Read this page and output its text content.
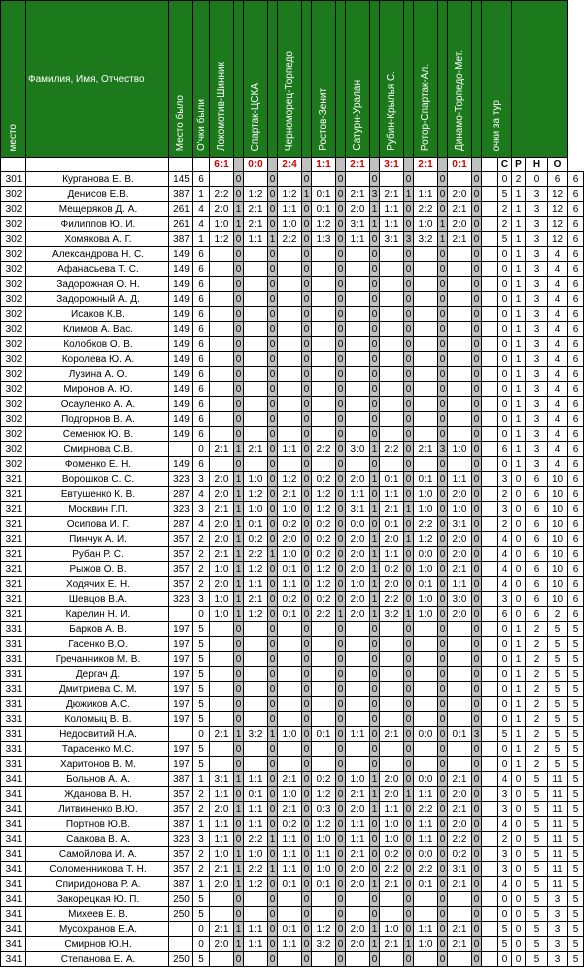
место	Фамилия, Имя, Отчество	Место было	О'чки были	Локомотив-Шинник		Спартак-ЦСКА		Черноморец-Торпедо		Ростов-Зенит		Сатурн-Уралан		Рубин-Крылья С.		Ротор-Спартак-Ал.		Динамо-Торпедо-Мет.		очки за тур					
				6:1		0:0		2:4		1:1		2:1		3:1		2:1		0:1			С	Р	Н	О	
301	Курганова Е. В.	145	6		0		0		0		0		0		0		0		0		0	2	0	6	6
302	Денисов Е.В.	387	1	2:2	0	1:2	0	1:2	1	0:1	0	2:1	3	2:1	1	1:1	0	2:0	0		5	1	3	12	6
302	Мещеряков Д. А.	261	4	2:0	1	2:1	0	1:1	0	0:1	0	2:0	1	1:1	0	2:2	0	2:1	0		2	1	3	12	6
302	Филиппов Ю. И.	261	4	1:0	1	2:1	0	1:0	0	1:2	0	3:1	1	1:1	0	1:0	1	2:0	0		2	1	3	12	6
302	Хомякова А. Г.	387	1	1:2	0	1:1	1	2:2	0	1:3	0	1:1	0	3:1	3	3:2	1	2:1	0		5	1	3	12	6
302	Александрова Н. С.	149	6		0		0		0		0		0		0		0		0		0	1	3	4	6
302	Афанасьева Т. С.	149	6		0		0		0		0		0		0		0		0		0	1	3	4	6
302	Задорожная О. Н.	149	6		0		0		0		0		0		0		0		0		0	1	3	4	6
302	Задорожный А. Д.	149	6		0		0		0		0		0		0		0		0		0	1	3	4	6
302	Исаков К.В.	149	6		0		0		0		0		0		0		0		0		0	1	3	4	6
302	Климов А. Вас.	149	6		0		0		0		0		0		0		0		0		0	1	3	4	6
302	Колобков О. В.	149	6		0		0		0		0		0		0		0		0		0	1	3	4	6
302	Королева Ю. А.	149	6		0		0		0		0		0		0		0		0		0	1	3	4	6
302	Лузина А. О.	149	6		0		0		0		0		0		0		0		0		0	1	3	4	6
302	Миронов А. Ю.	149	6		0		0		0		0		0		0		0		0		0	1	3	4	6
302	Осауленко А. А.	149	6		0		0		0		0		0		0		0		0		0	1	3	4	6
302	Подгорнов В. А.	149	6		0		0		0		0		0		0		0		0		0	1	3	4	6
302	Семенюк Ю. В.	149	6		0		0		0		0		0		0		0		0		0	1	3	4	6
302	Смирнова С.В.		0	2:1	1	2:1	0	1:1	0	2:2	0	3:0	1	2:2	0	2:1	3	1:0	0		6	1	3	4	6
302	Фоменко Е. Н.	149	6		0		0		0		0		0		0		0		0		0	1	3	4	6
321	Ворошков С. С.	323	3	2:0	1	1:0	0	1:2	0	0:2	0	2:0	1	0:1	0	0:1	0	1:1	0		3	0	6	10	6
321	Евтушенко К. В.	287	4	2:0	1	1:2	0	2:1	0	1:2	0	1:1	0	1:1	0	1:0	0	2:0	0		2	0	6	10	6
321	Москвин Г.П.	323	3	2:1	1	1:0	0	1:0	0	1:2	0	3:1	1	2:1	1	1:0	0	1:0	0		3	0	6	10	6
321	Осипова И. Г.	287	4	2:0	1	0:1	0	0:2	0	0:2	0	0:0	0	0:1	0	2:2	0	3:1	0		2	0	6	10	6
321	Пинчук А. И.	357	2	2:0	1	0:2	0	2:0	0	0:2	0	2:0	1	2:0	1	1:2	0	2:0	0		4	0	6	10	6
321	Рубан Р. С.	357	2	2:1	1	2:2	1	1:0	0	0:2	0	2:0	1	1:1	0	0:0	0	2:0	0		4	0	6	10	6
321	Рыжов О. В.	357	2	1:0	1	1:2	0	0:1	0	1:2	0	2:0	1	0:2	0	1:0	0	2:1	0		4	0	6	10	6
321	Ходячих Е. Н.	357	2	2:0	1	1:1	0	1:1	0	1:2	0	1:0	1	2:0	0	0:1	0	1:1	0		4	0	6	10	6
321	Шевцов В.А.	323	3	1:0	1	2:1	0	0:2	0	0:2	0	2:0	1	2:2	0	1:0	0	3:0	0		3	0	6	10	6
321	Карелин Н. И.		0	1:0	1	1:2	0	0:1	0	2:2	1	2:0	1	3:2	1	1:0	0	2:0	0		6	0	6	2	6
331	Барков А. В.	197	5		0		0		0		0		0		0		0		0		0	1	2	5	5
331	Гасенко В.О.	197	5		0		0		0		0		0		0		0		0		0	1	2	5	5
331	Гречанников М. В.	197	5		0		0		0		0		0		0		0		0		0	1	2	5	5
331	Дергач Д.	197	5		0		0		0		0		0		0		0		0		0	1	2	5	5
331	Дмитриева С. М.	197	5		0		0		0		0		0		0		0		0		0	1	2	5	5
331	Дюжиков А.С.	197	5		0		0		0		0		0		0		0		0		0	1	2	5	5
331	Коломыц В. В.	197	5		0		0		0		0		0		0		0		0		0	1	2	5	5
331	Недосвитий Н.А.		0	2:1	1	3:2	1	1:0	0	0:1	0	1:1	0	2:1	0	0:0	0	0:1	3		5	1	2	5	5
331	Тарасенко М.С.	197	5		0		0		0		0		0		0		0		0		0	1	2	5	5
331	Харитонов В. М.	197	5		0		0		0		0		0		0		0		0		0	1	2	5	5
341	Больнов А. А.	387	1	3:1	1	1:1	0	2:1	0	0:2	0	1:0	1	2:0	0	0:0	0	2:1	0		4	0	5	11	5
341	Жданова В. Н.	357	2	1:1	0	0:1	0	1:0	0	1:2	0	2:1	1	2:0	1	1:1	0	2:0	0		3	0	5	11	5
341	Литвиненко В.Ю.	357	2	2:0	1	1:1	0	2:1	0	0:3	0	2:0	1	1:1	0	2:2	0	2:1	0		3	0	5	11	5
341	Портнов Ю.В.	387	1	1:1	0	1:1	0	0:2	0	1:2	0	1:1	0	1:0	0	1:1	0	2:0	0		4	0	5	11	5
341	Саакова В. А.	323	3	1:1	0	2:2	1	1:1	0	1:0	0	1:1	0	1:0	0	1:1	0	2:2	0		2	0	5	11	5
341	Самойлова И. А.	357	2	1:0	1	1:0	0	1:1	0	1:1	0	2:1	0	0:2	0	0:0	0	0:2	0		3	0	5	11	5
341	Соломенникова Т. Н.	357	2	2:1	1	2:2	1	1:1	0	1:0	0	2:0	0	2:2	0	2:2	0	3:1	0		3	0	5	11	5
341	Спиридонова Р. А.	387	1	2:0	1	1:2	0	0:1	0	0:1	0	2:0	1	2:1	0	0:1	0	2:1	0		4	0	5	11	5
341	Закорецкая Ю. П.	250	5		0		0		0		0		0		0		0		0		0	0	5	3	5
341	Михеев Е. В.	250	5		0		0		0		0		0		0		0		0		0	0	5	3	5
341	Мусохранов Е.А.		0	2:1	1	1:1	0	0:1	0	1:2	0	2:0	1	1:0	0	1:1	0	2:1	0		5	0	5	3	5
341	Смирнов Ю.Н.		0	2:0	1	1:1	0	1:1	0	3:2	0	2:0	1	2:1	1	1:0	0	2:1	0		5	0	5	3	5
341	Степанова Е. А.	250	5		0		0		0		0		0		0		0		0		0	0	5	3	5
